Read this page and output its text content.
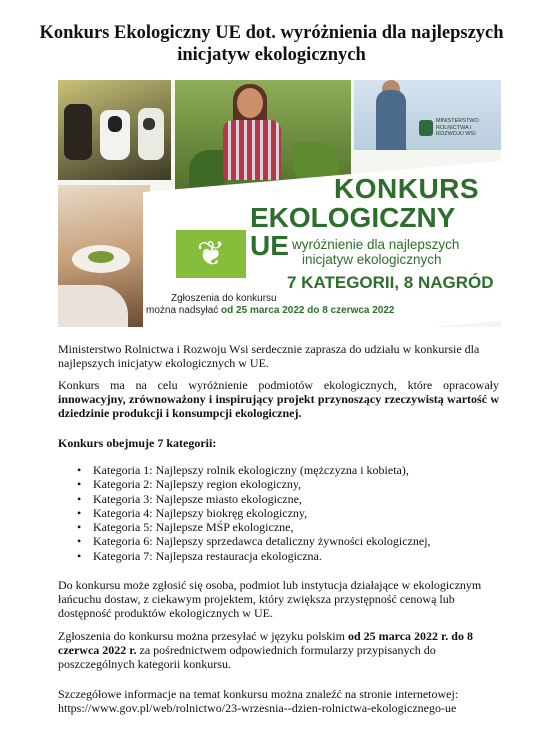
Konkurs Ekologiczny UE dot. wyróżnienia dla najlepszych inicjatyw ekologicznych
MINISTERSTWO ROLNICTWA I ROZWOJU WSI
❦
KONKURS
EKOLOGICZNY UE wyróżnienie dla najlepszych
inicjatyw ekologicznych
7 KATEGORII, 8 NAGRÓD
Zgłoszenia do konkursu
można nadsyłać od 25 marca 2022 do 8 czerwca 2022
Ministerstwo Rolnictwa i Rozwoju Wsi serdecznie zaprasza do udziału w konkursie dla najlepszych inicjatyw ekologicznych w UE.
Konkurs ma na celu wyróżnienie podmiotów ekologicznych, które opracowały innowacyjny, zrównoważony i inspirujący projekt przynoszący rzeczywistą wartość w dziedzinie produkcji i konsumpcji ekologicznej.
Konkurs obejmuje 7 kategorii:
• Kategoria 1: Najlepszy rolnik ekologiczny (mężczyzna i kobieta),
• Kategoria 2: Najlepszy region ekologiczny,
• Kategoria 3: Najlepsze miasto ekologiczne,
• Kategoria 4: Najlepszy biokręg ekologiczny,
• Kategoria 5: Najlepsze MŚP ekologiczne,
• Kategoria 6: Najlepszy sprzedawca detaliczny żywności ekologicznej,
• Kategoria 7: Najlepsza restauracja ekologiczna.
Do konkursu może zgłosić się osoba, podmiot lub instytucja działające w ekologicznym łańcuchu dostaw, z ciekawym projektem, który zwiększa przystępność cenową lub dostępność produktów ekologicznych w UE.
Zgłoszenia do konkursu można przesyłać w języku polskim od 25 marca 2022 r. do 8 czerwca 2022 r. za pośrednictwem odpowiednich formularzy przypisanych do poszczególnych kategorii konkursu.
Szczegółowe informacje na temat konkursu można znaleźć na stronie internetowej:
https://www.gov.pl/web/rolnictwo/23-wrzesnia--dzien-rolnictwa-ekologicznego-ue
